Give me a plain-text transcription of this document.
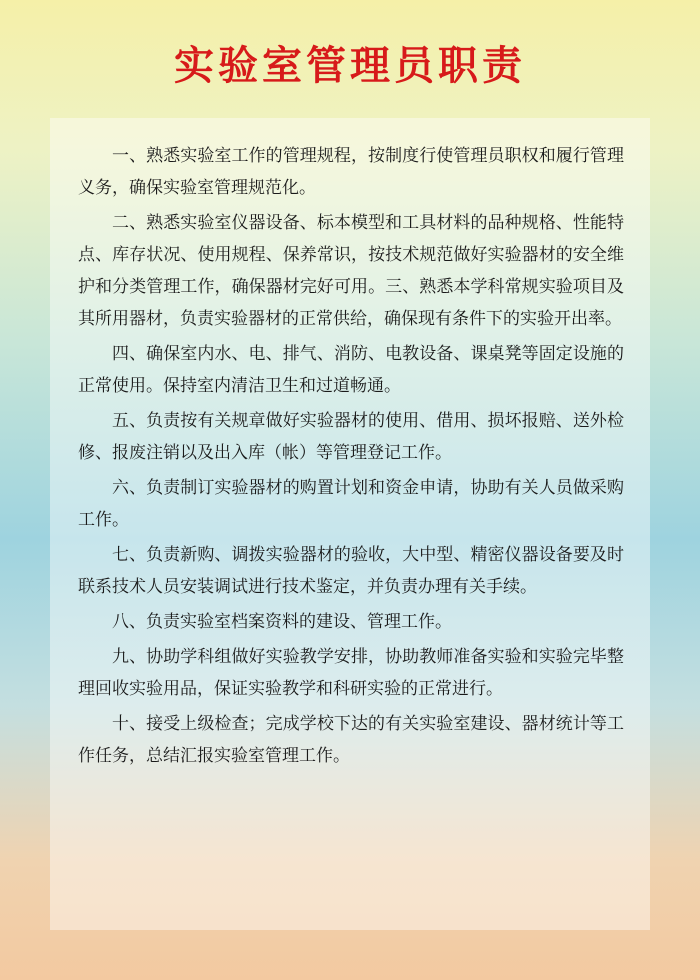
实验室管理员职责
一、熟悉实验室工作的管理规程，按制度行使管理员职权和履行管理义务，确保实验室管理规范化。
二、熟悉实验室仪器设备、标本模型和工具材料的品种规格、性能特点、库存状况、使用规程、保养常识，按技术规范做好实验器材的安全维护和分类管理工作，确保器材完好可用。三、熟悉本学科常规实验项目及其所用器材，负责实验器材的正常供给，确保现有条件下的实验开出率。
四、确保室内水、电、排气、消防、电教设备、课桌凳等固定设施的正常使用。保持室内清洁卫生和过道畅通。
五、负责按有关规章做好实验器材的使用、借用、损坏报赔、送外检修、报废注销以及出入库（帐）等管理登记工作。
六、负责制订实验器材的购置计划和资金申请，协助有关人员做采购工作。
七、负责新购、调拨实验器材的验收，大中型、精密仪器设备要及时联系技术人员安装调试进行技术鉴定，并负责办理有关手续。
八、负责实验室档案资料的建设、管理工作。
九、协助学科组做好实验教学安排，协助教师准备实验和实验完毕整理回收实验用品，保证实验教学和科研实验的正常进行。
十、接受上级检查；完成学校下达的有关实验室建设、器材统计等工作任务，总结汇报实验室管理工作。
